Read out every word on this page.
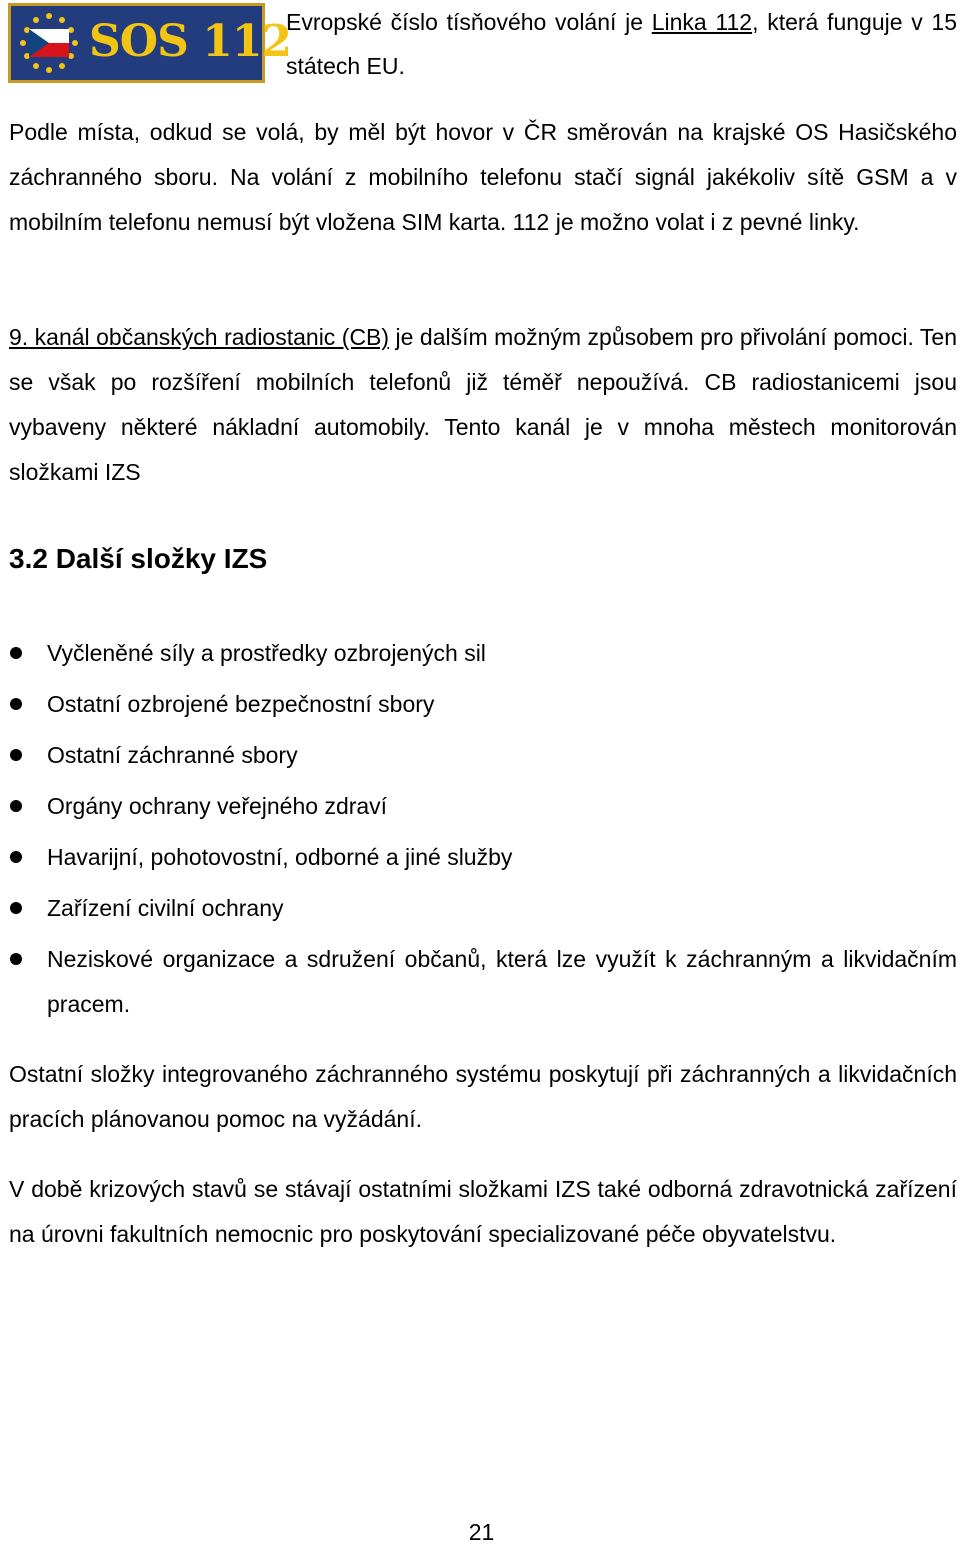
SOS 112

Evropské číslo tísňového volání je Linka 112, která funguje v 15 státech EU.

Podle místa, odkud se volá, by měl být hovor v ČR směrován na krajské OS Hasičského záchranného sboru. Na volání z mobilního telefonu stačí signál jakékoliv sítě GSM a v mobilním telefonu nemusí být vložena SIM karta. 112 je možno volat i z pevné linky.

9. kanál občanských radiostanic (CB) je dalším možným způsobem pro přivolání pomoci. Ten se však po rozšíření mobilních telefonů již téměř nepoužívá. CB radiostanicemi jsou vybaveny některé nákladní automobily. Tento kanál je v mnoha městech monitorován složkami IZS

3.2 Další složky IZS
Vyčleněné síly a prostředky ozbrojených sil
Ostatní ozbrojené bezpečnostní sbory
Ostatní záchranné sbory
Orgány ochrany veřejného zdraví
Havarijní, pohotovostní, odborné a jiné služby
Zařízení civilní ochrany
Neziskové organizace a sdružení občanů, která lze využít k záchranným a likvidačním pracem.

Ostatní složky integrovaného záchranného systému poskytují při záchranných a likvidačních pracích plánovanou pomoc na vyžádání.

V době krizových stavů se stávají ostatními složkami IZS také odborná zdravotnická zařízení na úrovni fakultních nemocnic pro poskytování specializované péče obyvatelstvu.

21
